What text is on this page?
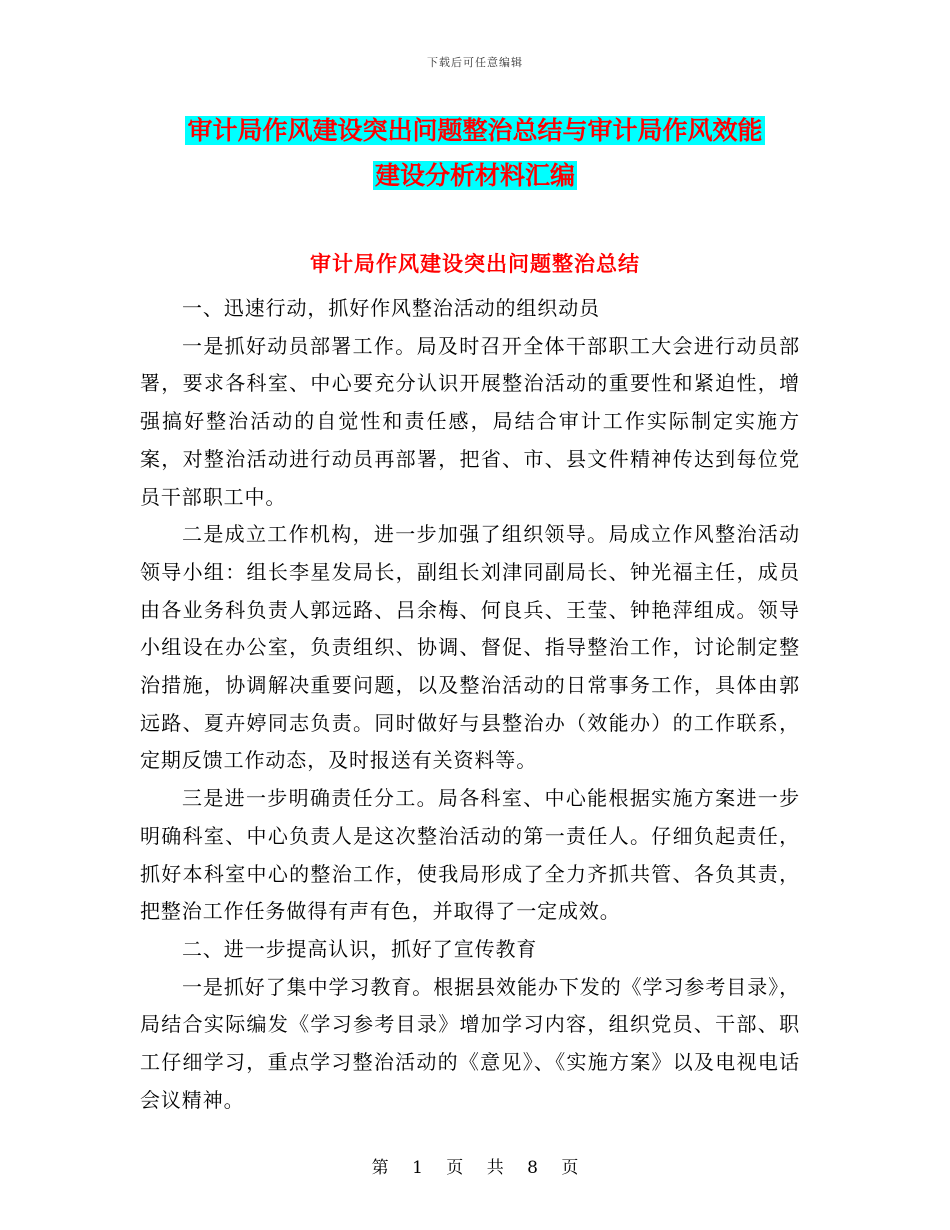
下载后可任意编辑
审计局作风建设突出问题整治总结与审计局作风效能
建设分析材料汇编
审计局作风建设突出问题整治总结

一、迅速行动，抓好作风整治活动的组织动员

一是抓好动员部署工作。局及时召开全体干部职工大会进行动员部署，要求各科室、中心要充分认识开展整治活动的重要性和紧迫性，增强搞好整治活动的自觉性和责任感，局结合审计工作实际制定实施方案，对整治活动进行动员再部署，把省、市、县文件精神传达到每位党员干部职工中。

二是成立工作机构，进一步加强了组织领导。局成立作风整治活动领导小组：组长李星发局长，副组长刘津同副局长、钟光福主任，成员由各业务科负责人郭远路、吕余梅、何良兵、王莹、钟艳萍组成。领导小组设在办公室，负责组织、协调、督促、指导整治工作，讨论制定整治措施，协调解决重要问题，以及整治活动的日常事务工作，具体由郭远路、夏卉婷同志负责。同时做好与县整治办（效能办）的工作联系，定期反馈工作动态，及时报送有关资料等。

三是进一步明确责任分工。局各科室、中心能根据实施方案进一步明确科室、中心负责人是这次整治活动的第一责任人。仔细负起责任，抓好本科室中心的整治工作，使我局形成了全力齐抓共管、各负其责，把整治工作任务做得有声有色，并取得了一定成效。

二、进一步提高认识，抓好了宣传教育

一是抓好了集中学习教育。根据县效能办下发的《学习参考目录》，局结合实际编发《学习参考目录》增加学习内容，组织党员、干部、职工仔细学习，重点学习整治活动的《意见》、《实施方案》以及电视电话会议精神。

第 1 页 共 8 页
